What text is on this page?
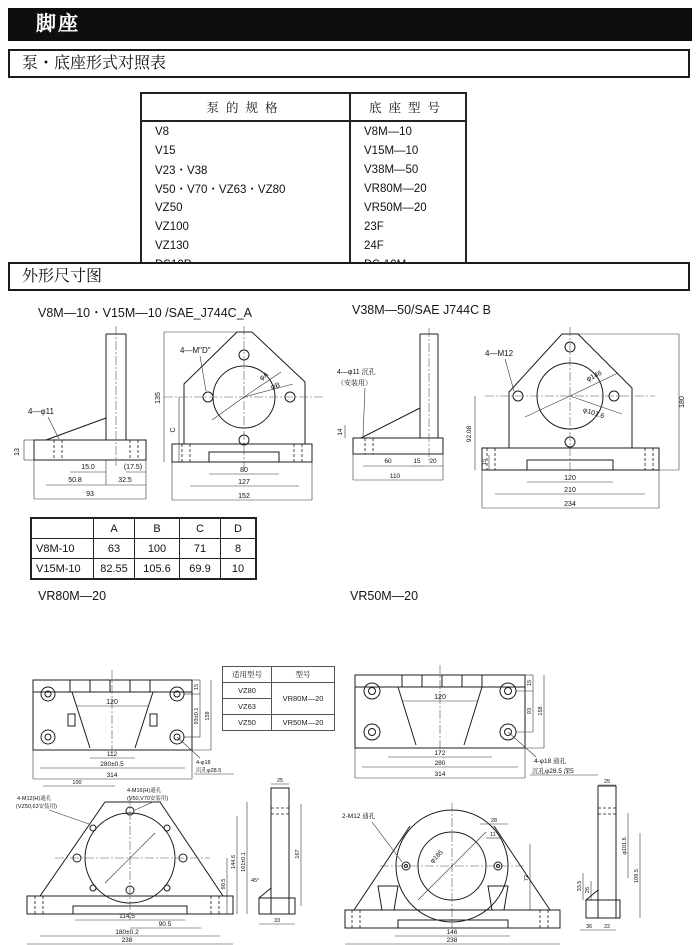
脚座
泵・底座形式对照表
泵的规格	底座型号
V8	V8M—10
V15	V15M—10
V23・V38	V38M—50
V50・V70・VZ63・VZ80	VR80M—20
VZ50	VR50M—20
VZ100	23F
VZ130	24F

外形尺寸图
V8M—10・V15M—10 /SAE_J744C_A	V38M—50/SAE J744C B
4—φ11
13
15.0	(17.5)
50.8	32.5
93
φA
φB
4—M"D"
135
C
80
127
152
4—φ11 沉孔
（安装用）
14
60	15 20
110
φ146
φ101.6
4—M12
92.08
15
180
120
210
234
	A	B	C	D
V8M-10	63	100	71	8
V15M-10	82.55	105.6	69.9	10
VR80M—20	VR50M—20
120
15
93±0.1 159
112
280±0.5
314
4-φ18
沉孔φ28.5
适用型号	型号
VZ80	VR80M—20
VZ63	
VZ50	VR50M—20
120
15
93 158
172
280
314
4-φ18 通孔
沉孔φ28.5 深5
100
4-M12(H)通孔
(VZ50,63安装用)
4-M16(H)通孔
(V50,V70安装用)
114.5
90.5
180±0.2
238
90.5
144.6 161±0.1
25
45°
167
33
φ185
2-M12 通孔
28
11
72
146
238
25
φ101.6
109.5
33.5 26
36 22
